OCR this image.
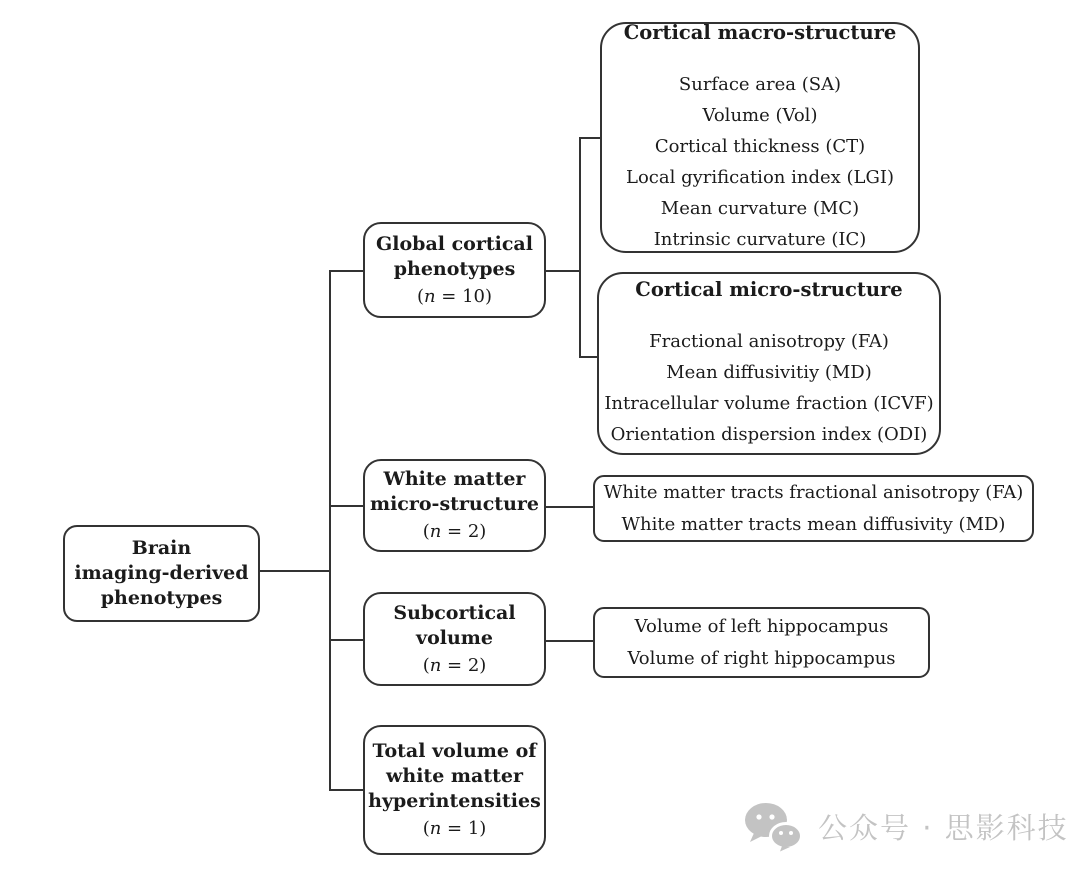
Brain
imaging-derived
phenotypes
Global cortical
phenotypes
(n = 10)
White matter
micro-structure
(n = 2)
Subcortical
volume
(n = 2)
Total volume of
white matter
hyperintensities
(n = 1)
Cortical macro-structure
Surface area (SA)
Volume (Vol)
Cortical thickness (CT)
Local gyrification index (LGI)
Mean curvature (MC)
Intrinsic curvature (IC)
Cortical micro-structure
Fractional anisotropy (FA)
Mean diffusivitiy (MD)
Intracellular volume fraction (ICVF)
Orientation dispersion index (ODI)
White matter tracts fractional anisotropy (FA)
White matter tracts mean diffusivity (MD)
Volume of left hippocampus
Volume of right hippocampus
公众号 · 思影科技
